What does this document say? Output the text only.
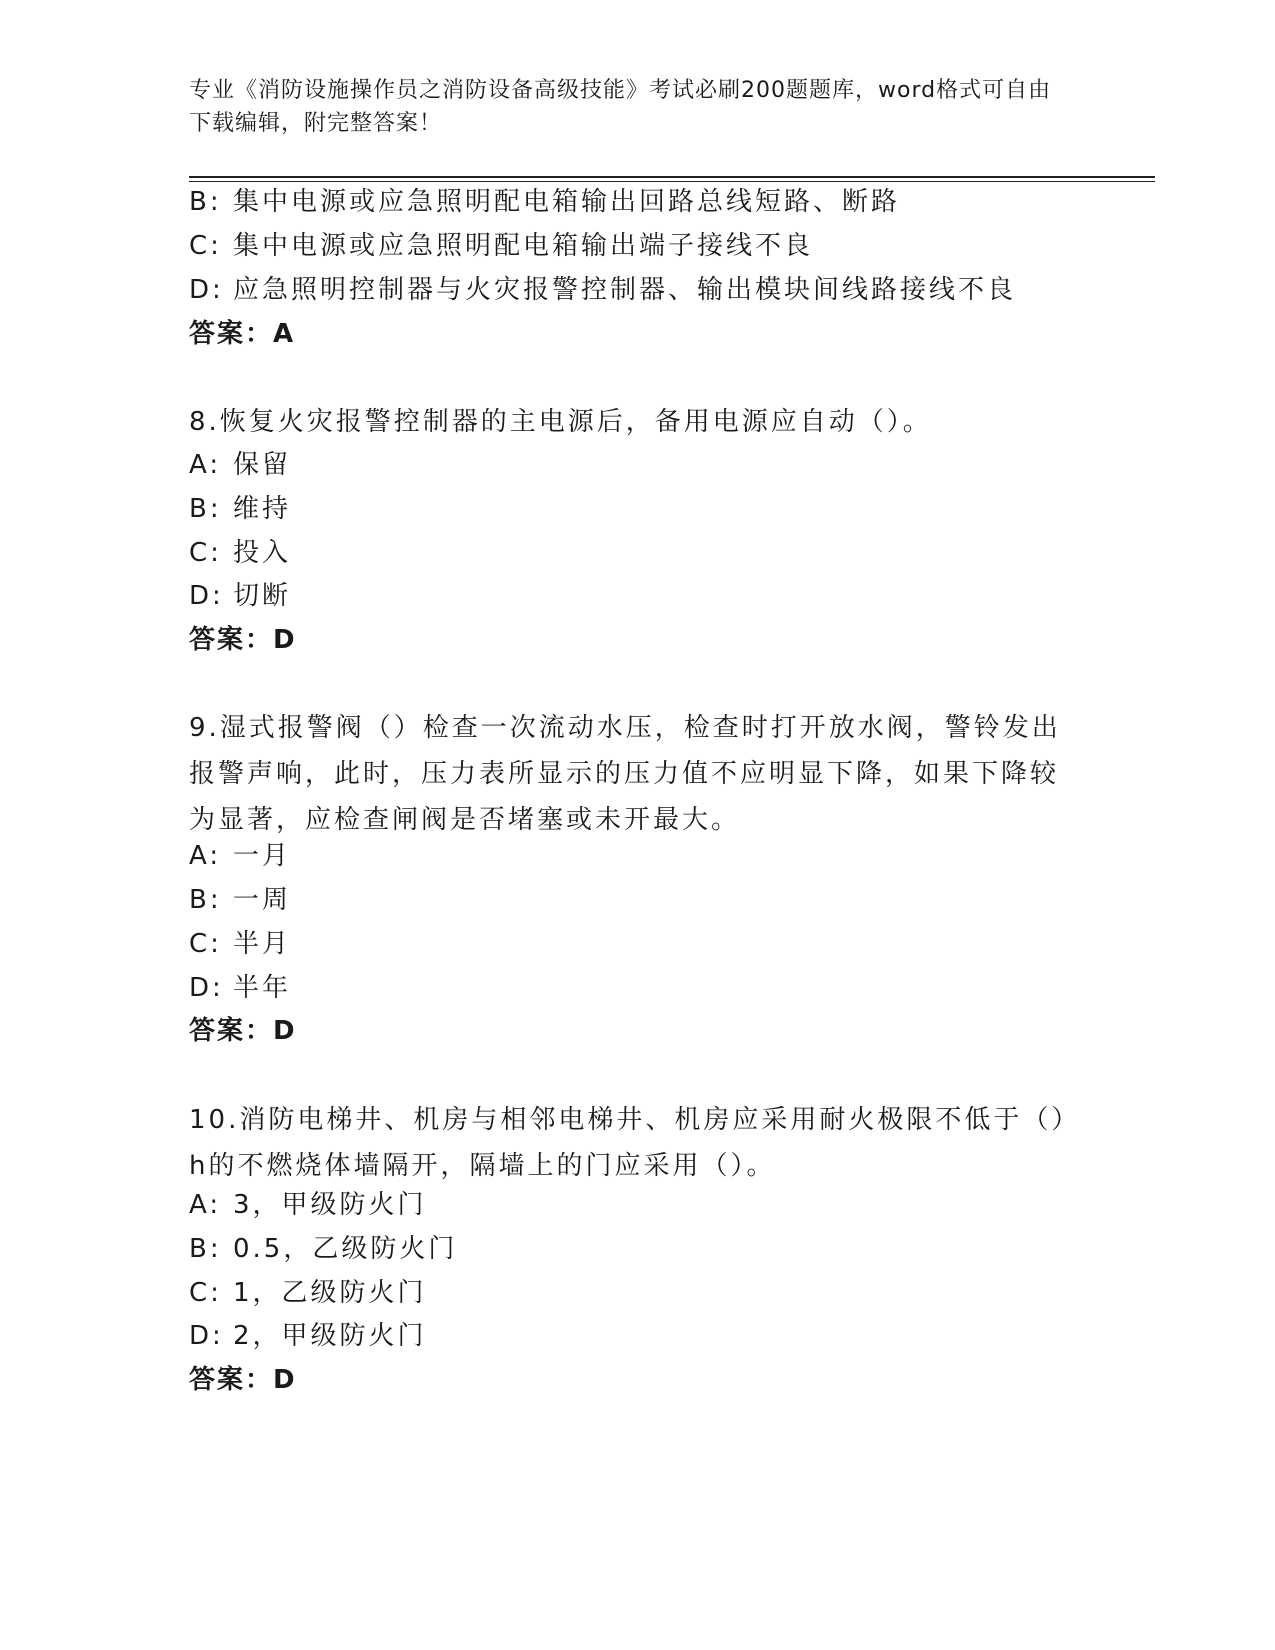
专业《消防设施操作员之消防设备高级技能》考试必刷200题题库，word格式可自由下载编辑，附完整答案！
B: 集中电源或应急照明配电箱输出回路总线短路、断路
C: 集中电源或应急照明配电箱输出端子接线不良
D: 应急照明控制器与火灾报警控制器、输出模块间线路接线不良
答案：A
8.恢复火灾报警控制器的主电源后，备用电源应自动（）。
A: 保留
B: 维持
C: 投入
D: 切断
答案：D
9.湿式报警阀（）检查一次流动水压，检查时打开放水阀，警铃发出报警声响，此时，压力表所显示的压力值不应明显下降，如果下降较为显著，应检查闸阀是否堵塞或未开最大。
A: 一月
B: 一周
C: 半月
D: 半年
答案：D
10.消防电梯井、机房与相邻电梯井、机房应采用耐火极限不低于（）h的不燃烧体墙隔开，隔墙上的门应采用（）。
A: 3，甲级防火门
B: 0.5，乙级防火门
C: 1，乙级防火门
D: 2，甲级防火门
答案：D
